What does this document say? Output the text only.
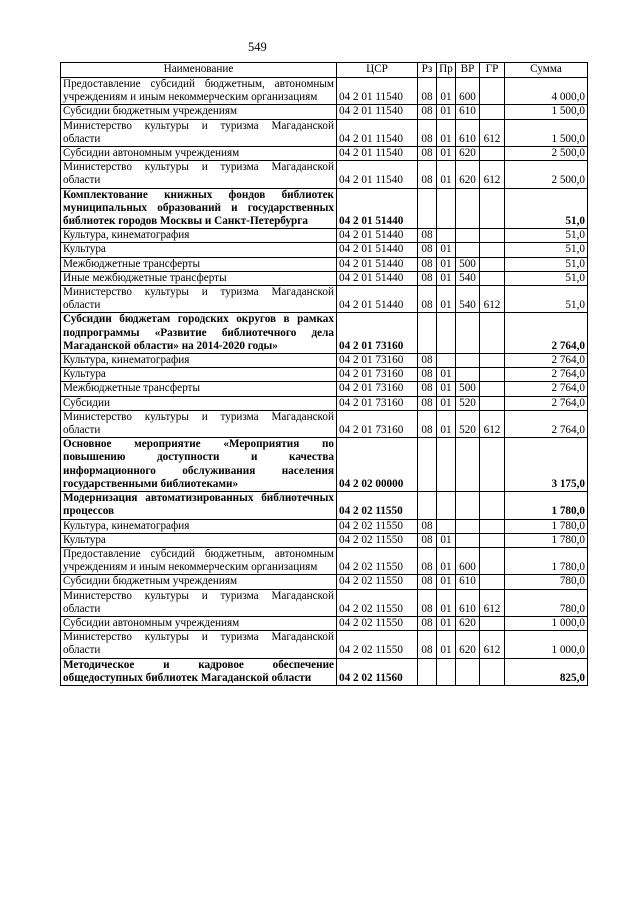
549
Наименование	ЦСР	Рз	Пр	ВР	ГР	Сумма
Предоставление субсидий бюджетным, автономным учреждениям и иным некоммерческим организациям	04 2 01 11540	08	01	600		4 000,0
Субсидии бюджетным учреждениям	04 2 01 11540	08	01	610		1 500,0
Министерство культуры и туризма Магаданской области	04 2 01 11540	08	01	610	612	1 500,0
Субсидии автономным учреждениям	04 2 01 11540	08	01	620		2 500,0
Министерство культуры и туризма Магаданской области	04 2 01 11540	08	01	620	612	2 500,0
Комплектование книжных фондов библиотек муниципальных образований и государственных библиотек городов Москвы и Санкт-Петербурга	04 2 01 51440					51,0
Культура, кинематография	04 2 01 51440	08				51,0
Культура	04 2 01 51440	08	01			51,0
Межбюджетные трансферты	04 2 01 51440	08	01	500		51,0
Иные межбюджетные трансферты	04 2 01 51440	08	01	540		51,0
Министерство культуры и туризма Магаданской области	04 2 01 51440	08	01	540	612	51,0
Субсидии бюджетам городских округов в рамках подпрограммы «Развитие библиотечного дела Магаданской области» на 2014-2020 годы»	04 2 01 73160					2 764,0
Культура, кинематография	04 2 01 73160	08				2 764,0
Культура	04 2 01 73160	08	01			2 764,0
Межбюджетные трансферты	04 2 01 73160	08	01	500		2 764,0
Субсидии	04 2 01 73160	08	01	520		2 764,0
Министерство культуры и туризма Магаданской области	04 2 01 73160	08	01	520	612	2 764,0
Основное мероприятие «Мероприятия по повышению доступности и качества информационного обслуживания населения государственными библиотеками»	04 2 02 00000					3 175,0
Модернизация автоматизированных библиотечных процессов	04 2 02 11550					1 780,0
Культура, кинематография	04 2 02 11550	08				1 780,0
Культура	04 2 02 11550	08	01			1 780,0
Предоставление субсидий бюджетным, автономным учреждениям и иным некоммерческим организациям	04 2 02 11550	08	01	600		1 780,0
Субсидии бюджетным учреждениям	04 2 02 11550	08	01	610		780,0
Министерство культуры и туризма Магаданской области	04 2 02 11550	08	01	610	612	780,0
Субсидии автономным учреждениям	04 2 02 11550	08	01	620		1 000,0
Министерство культуры и туризма Магаданской области	04 2 02 11550	08	01	620	612	1 000,0
Методическое и кадровое обеспечение общедоступных библиотек Магаданской области	04 2 02 11560					825,0
